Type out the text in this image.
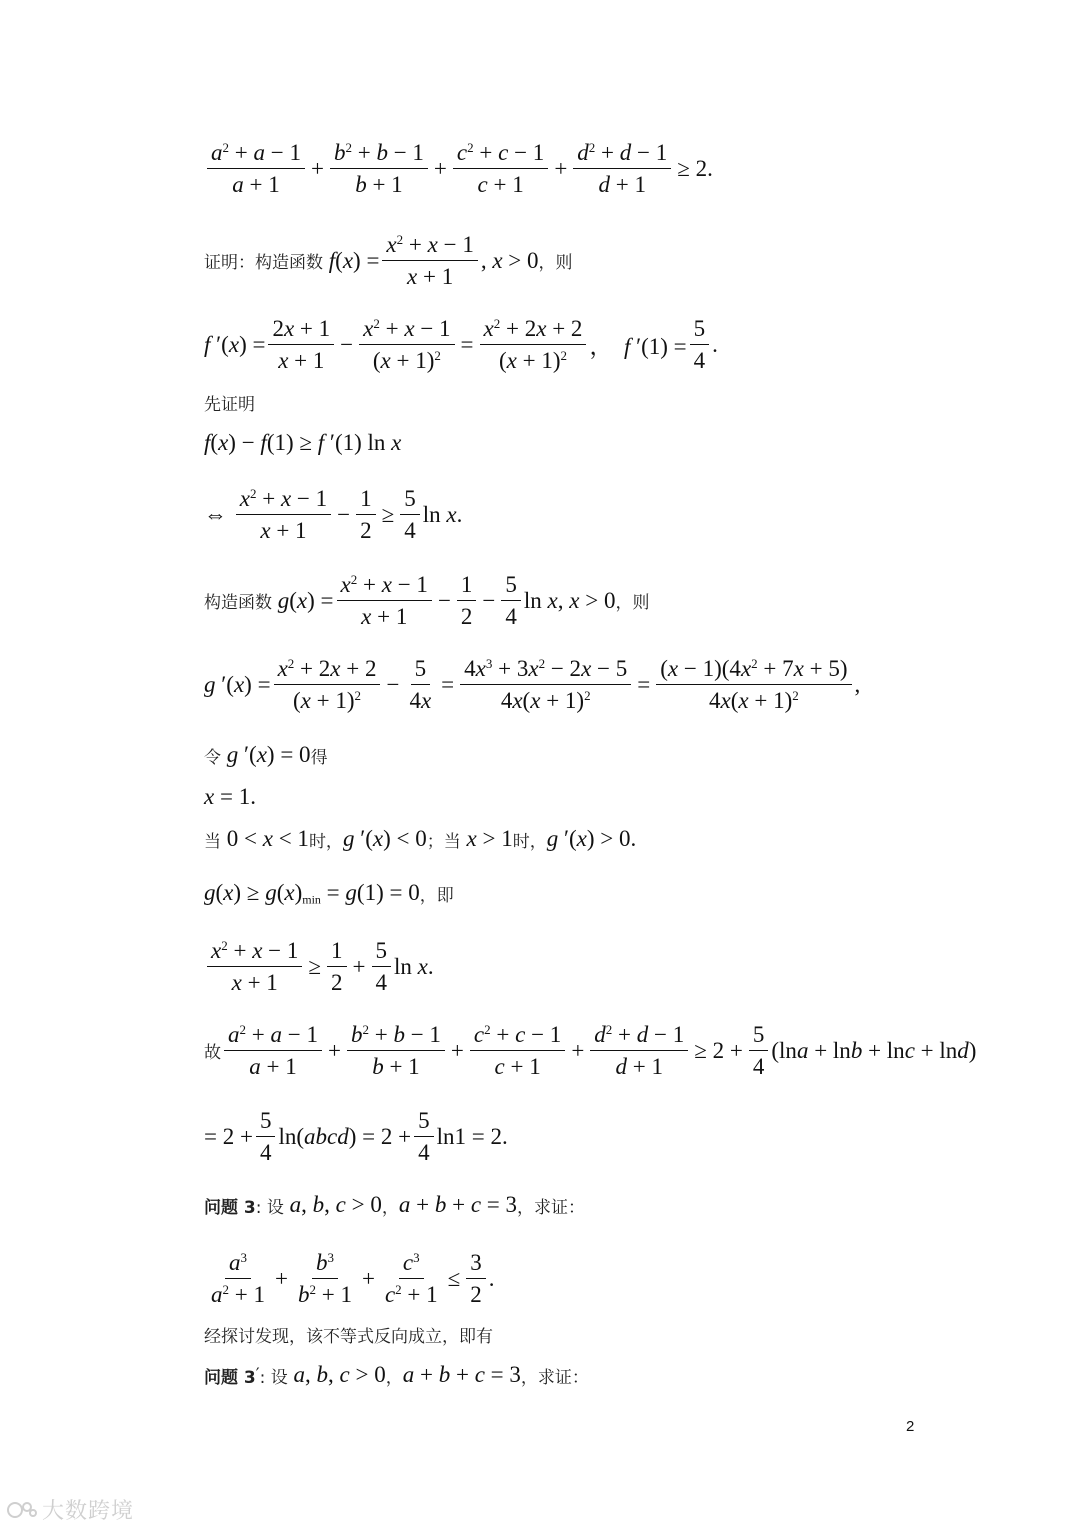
$\frac{a^2 + a - 1}{a + 1} + \frac{b^2 + b - 1}{b + 1} + \frac{c^2 + c - 1}{c + 1} + \frac{d^2 + d - 1}{d + 1} \ge 2$.
证明：构造函数 $f(x) = \frac{x^2 + x - 1}{x + 1}$ , x > 0 ，则
f $'(x) = \frac{2x + 1}{x + 1} - \frac{x^2 + x - 1}{(x + 1)^2} = \frac{x^2 + 2x + 2}{(x + 1)^2}$ ，  f $'(1) = \frac{5}{4}$ .
先证明
f(x) − f(1) ≥ f ′(1) ln x
⇔ $\frac{x^2 + x - 1}{x + 1} - \frac{1}{2} \ge \frac{5}{4}$ ln x.
构造函数 $g(x) = \frac{x^2 + x - 1}{x + 1} - \frac{1}{2} - \frac{5}{4}$ ln x, x > 0 ，则
g $'(x) = \frac{x^2 + 2x + 2}{(x + 1)^2} - \frac{5}{4x} = \frac{4x^3 + 3x^2 - 2x - 5}{4x(x + 1)^2} = \frac{(x - 1)(4x^2 + 7x + 5)}{4x(x + 1)^2}$ ,
令 g ′(x) = 0 得
x = 1.
当 0 < x < 1 时， g ′(x) < 0 ；当 x > 1 时， g ′(x) > 0.
$g(x) \ge g(x)_{min} = g(1) = 0$ ，即
$\frac{x^2 + x - 1}{x + 1} \ge \frac{1}{2} + \frac{5}{4}$ ln x.
故 $\frac{a^2 + a - 1}{a + 1} + \frac{b^2 + b - 1}{b + 1} + \frac{c^2 + c - 1}{c + 1} + \frac{d^2 + d - 1}{d + 1} \ge 2 + \frac{5}{4} (\ln a + \ln b + \ln c + \ln d)$
= $2 + \frac{5}{4}$ ln(abcd) = $2 + \frac{5}{4} \ln 1 = 2$.
问题 3 : 设 a, b, c > 0 ， a + b + c = 3 ，求证：
$\frac{a^3}{a^2 + 1} + \frac{b^3}{b^2 + 1} + \frac{c^3}{c^2 + 1} \le \frac{3}{2}$ .
经探讨发现，该不等式反向成立，即有
问题 3 ′ : 设 a, b, c > 0 ， a + b + c = 3 ，求证：
2
大数跨境
